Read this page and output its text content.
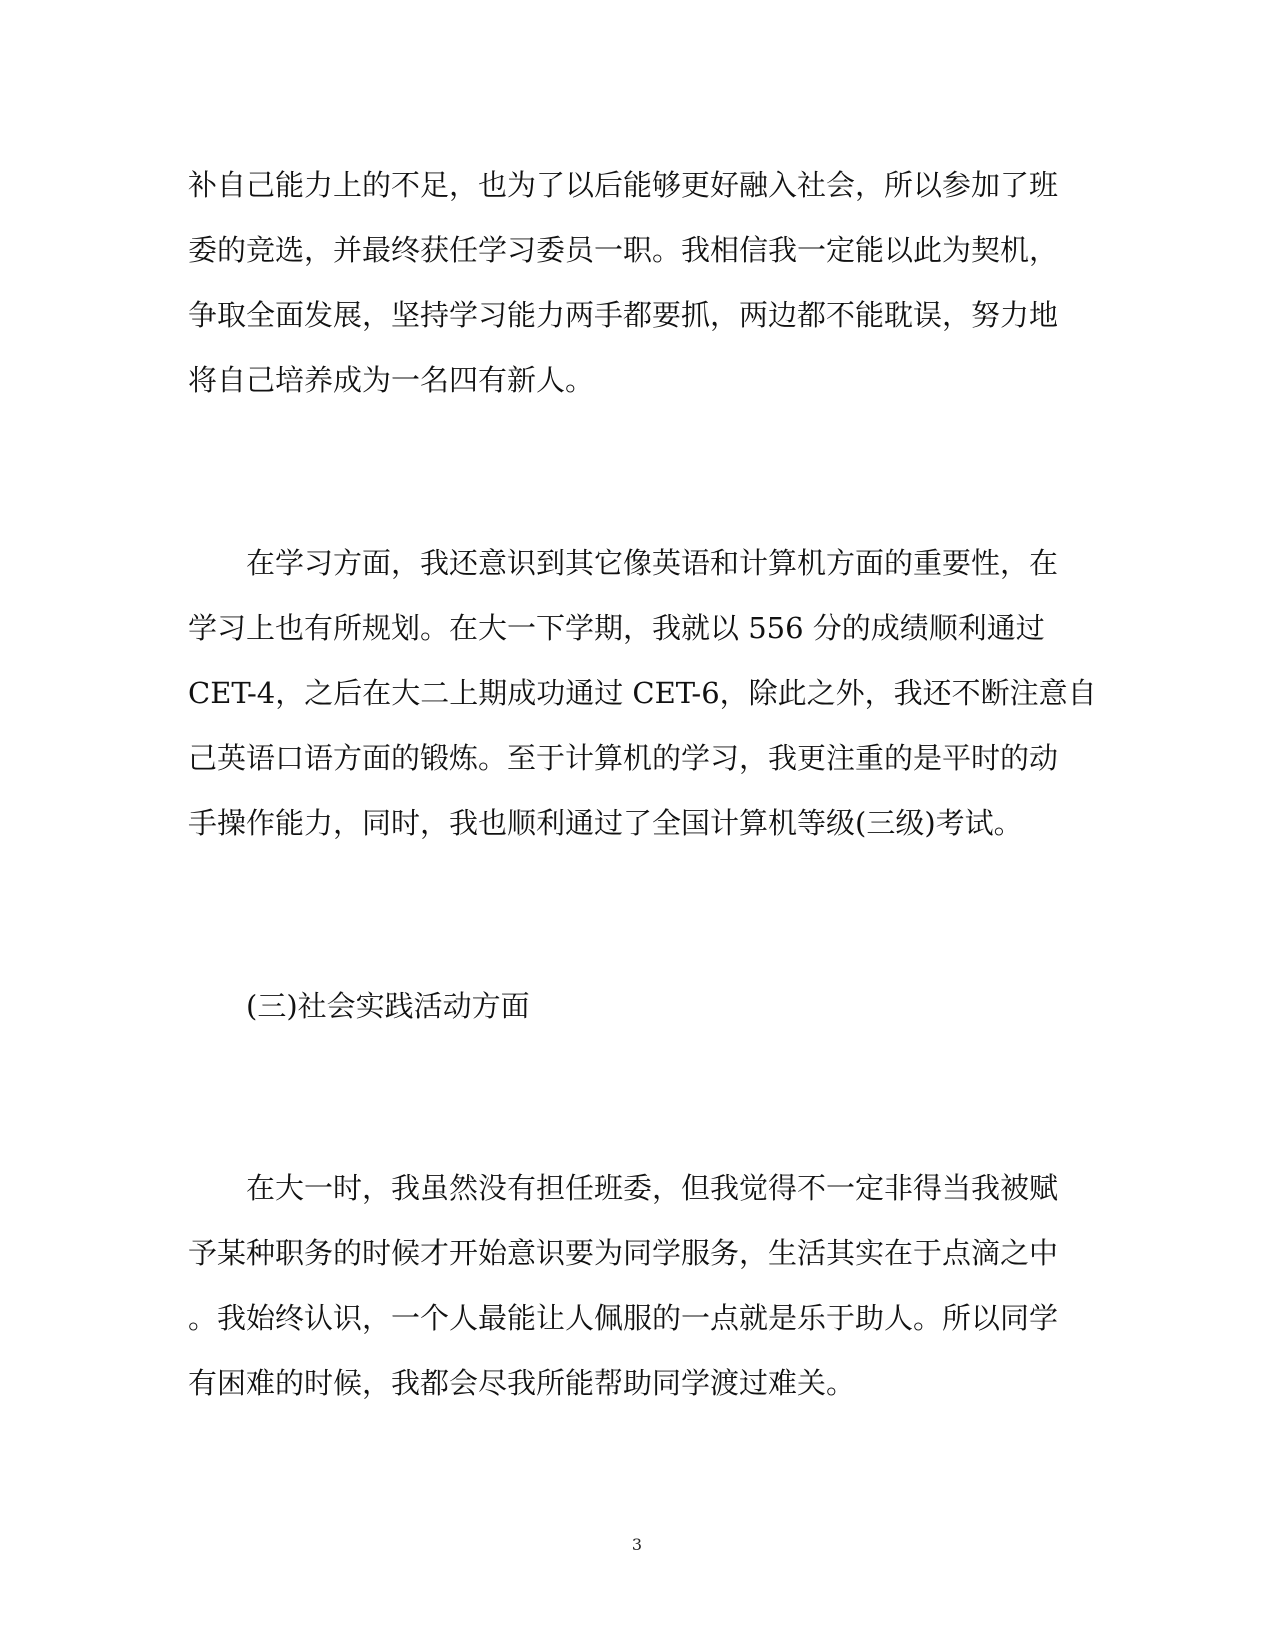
补自己能力上的不足，也为了以后能够更好融入社会，所以参加了班
委的竞选，并最终获任学习委员一职。我相信我一定能以此为契机，
争取全面发展，坚持学习能力两手都要抓，两边都不能耽误，努力地
将自己培养成为一名四有新人。
在学习方面，我还意识到其它像英语和计算机方面的重要性，在
学习上也有所规划。在大一下学期，我就以 556 分的成绩顺利通过
CET-4，之后在大二上期成功通过 CET-6，除此之外，我还不断注意自
己英语口语方面的锻炼。至于计算机的学习，我更注重的是平时的动
手操作能力，同时，我也顺利通过了全国计算机等级(三级)考试。
(三)社会实践活动方面
在大一时，我虽然没有担任班委，但我觉得不一定非得当我被赋
予某种职务的时候才开始意识要为同学服务，生活其实在于点滴之中
。我始终认识，一个人最能让人佩服的一点就是乐于助人。所以同学
有困难的时候，我都会尽我所能帮助同学渡过难关。
3
